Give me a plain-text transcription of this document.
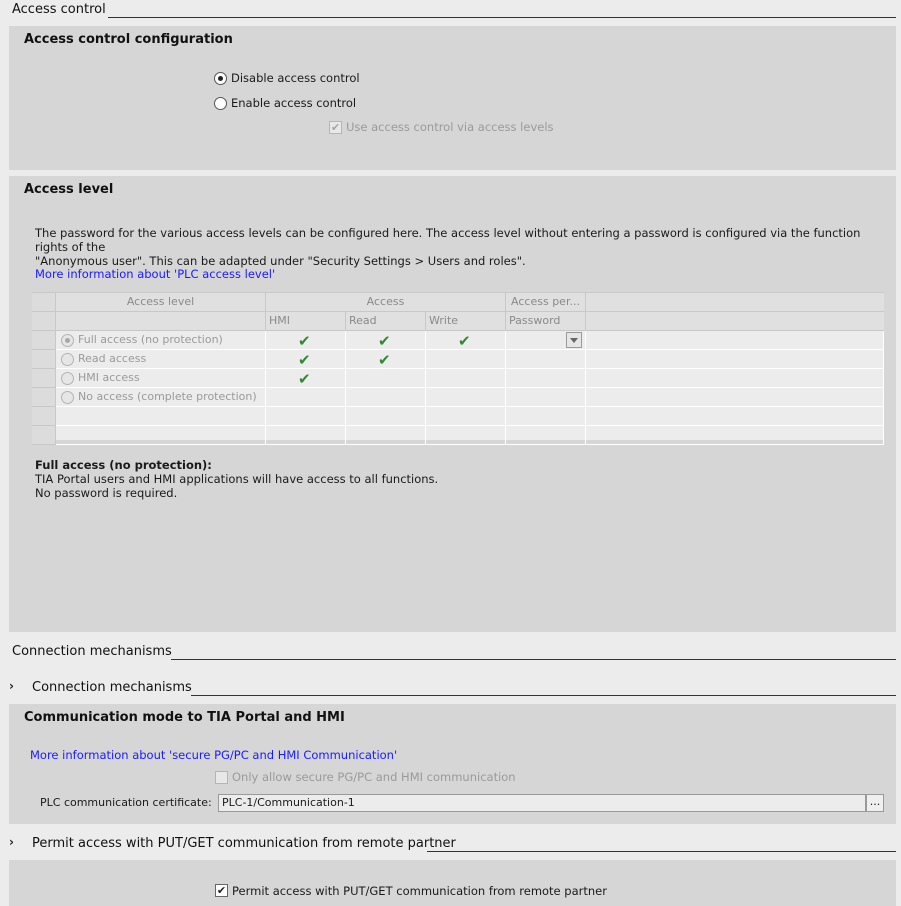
Access control
Access control configuration
Disable access control
Enable access control
✔ Use access control via access levels
Access level
The password for the various access levels can be configured here. The access level without entering a password is configured via the function rights of the
"Anonymous user". This can be adapted under "Security Settings > Users and roles".
More information about 'PLC access level'
Access level	Access	Access per...
HMI	Read	Write	Password
Full access (no protection)	✔	✔	✔
Read access	✔	✔
HMI access	✔
No access (complete protection)
Full access (no protection):
TIA Portal users and HMI applications will have access to all functions.
No password is required.
Connection mechanisms
› Connection mechanisms
Communication mode to TIA Portal and HMI
More information about 'secure PG/PC and HMI Communication'
Only allow secure PG/PC and HMI communication
PLC communication certificate: PLC-1/Communication-1	...
› Permit access with PUT/GET communication from remote partner
✔ Permit access with PUT/GET communication from remote partner
